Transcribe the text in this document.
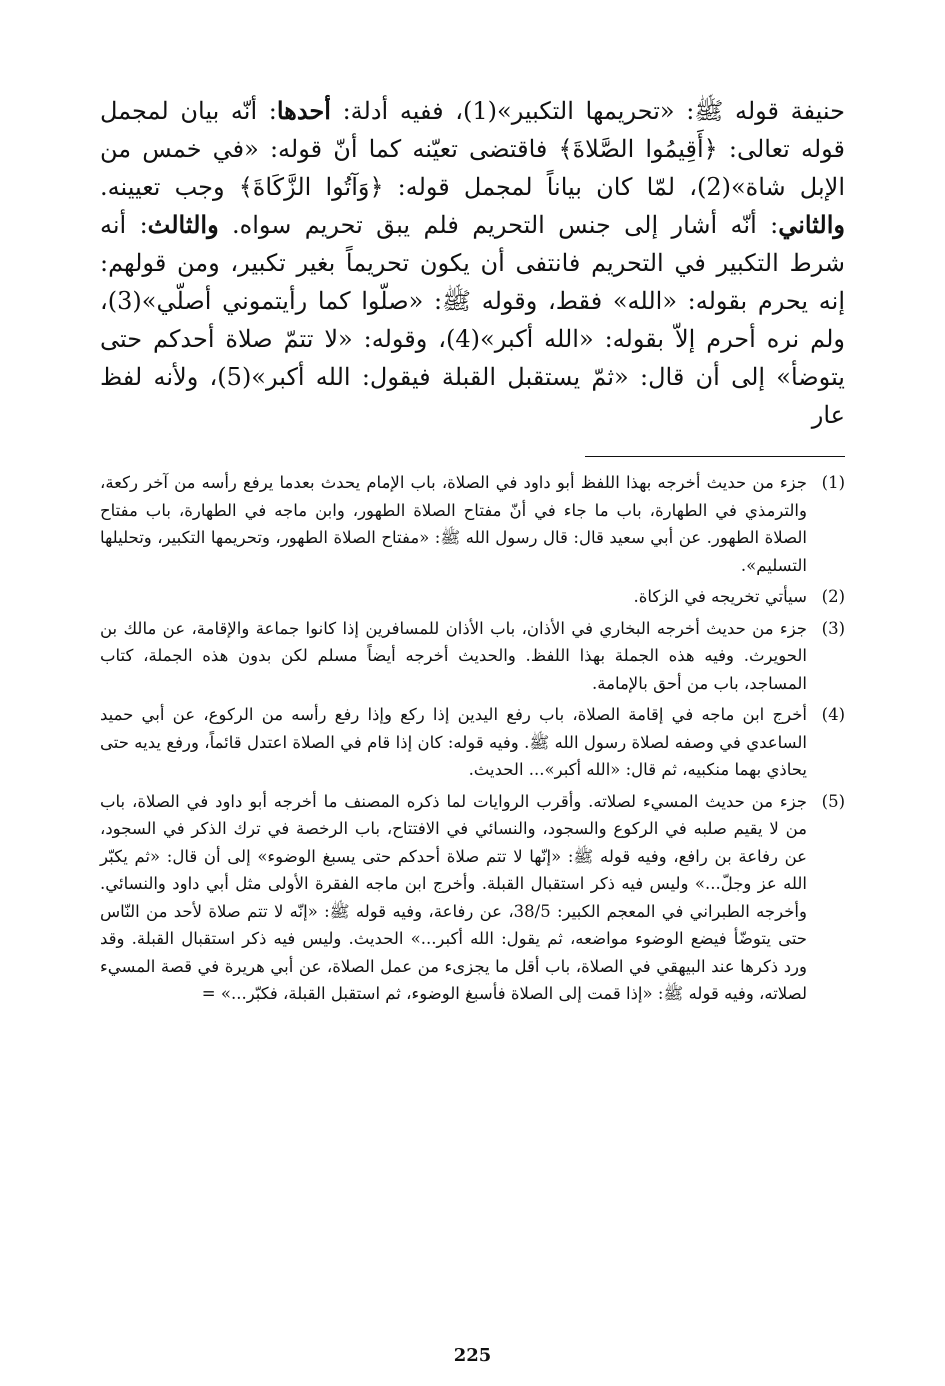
حنيفة قوله ﷺ: «تحريمها التكبير»(1)، ففيه أدلة: أحدها: أنّه بيان لمجمل قوله تعالى: ﴿أَقِيمُوا الصَّلاةَ﴾ فاقتضى تعيّنه كما أنّ قوله: «في خمس من الإبل شاة»(2)، لمّا كان بياناً لمجمل قوله: ﴿وَآتُوا الزَّكَاةَ﴾ وجب تعيينه. والثاني: أنّه أشار إلى جنس التحريم فلم يبق تحريم سواه. والثالث: أنه شرط التكبير في التحريم فانتفى أن يكون تحريماً بغير تكبير، ومن قولهم: إنه يحرم بقوله: «الله» فقط، وقوله ﷺ: «صلّوا كما رأيتموني أصلّي»(3)، ولم نره أحرم إلاّ بقوله: «الله أكبر»(4)، وقوله: «لا تتمّ صلاة أحدكم حتى يتوضأ» إلى أن قال: «ثمّ يستقبل القبلة فيقول: الله أكبر»(5)، ولأنه لفظ عار

(1)
جزء من حديث أخرجه بهذا اللفظ أبو داود في الصلاة، باب الإمام يحدث بعدما يرفع رأسه من آخر ركعة، والترمذي في الطهارة، باب ما جاء في أنّ مفتاح الصلاة الطهور، وابن ماجه في الطهارة، باب مفتاح الصلاة الطهور. عن أبي سعيد قال: قال رسول الله ﷺ: «مفتاح الصلاة الطهور، وتحريمها التكبير، وتحليلها التسليم».
(2)
سيأتي تخريجه في الزكاة.
(3)
جزء من حديث أخرجه البخاري في الأذان، باب الأذان للمسافرين إذا كانوا جماعة والإقامة، عن مالك بن الحويرث. وفيه هذه الجملة بهذا اللفظ. والحديث أخرجه أيضاً مسلم لكن بدون هذه الجملة، كتاب المساجد، باب من أحق بالإمامة.
(4)
أخرج ابن ماجه في إقامة الصلاة، باب رفع اليدين إذا ركع وإذا رفع رأسه من الركوع، عن أبي حميد الساعدي في وصفه لصلاة رسول الله ﷺ. وفيه قوله: كان إذا قام في الصلاة اعتدل قائماً، ورفع يديه حتى يحاذي بهما منكبيه، ثم قال: «الله أكبر»... الحديث.
(5)
جزء من حديث المسيء لصلاته. وأقرب الروايات لما ذكره المصنف ما أخرجه أبو داود في الصلاة، باب من لا يقيم صلبه في الركوع والسجود، والنسائي في الافتتاح، باب الرخصة في ترك الذكر في السجود، عن رفاعة بن رافع، وفيه قوله ﷺ: «إنّها لا تتم صلاة أحدكم حتى يسبغ الوضوء» إلى أن قال: «ثم يكبّر الله عز وجلّ...» وليس فيه ذكر استقبال القبلة. وأخرج ابن ماجه الفقرة الأولى مثل أبي داود والنسائي. وأخرجه الطبراني في المعجم الكبير: 38/5، عن رفاعة، وفيه قوله ﷺ: «إنّه لا تتم صلاة لأحد من النّاس حتى يتوضّأ فيضع الوضوء مواضعه، ثم يقول: الله أكبر...» الحديث. وليس فيه ذكر استقبال القبلة. وقد ورد ذكرها عند البيهقي في الصلاة، باب أقل ما يجزىء من عمل الصلاة، عن أبي هريرة في قصة المسيء لصلاته، وفيه قوله ﷺ: «إذا قمت إلى الصلاة فأسبغ الوضوء، ثم استقبل القبلة، فكبّر...» =
225
